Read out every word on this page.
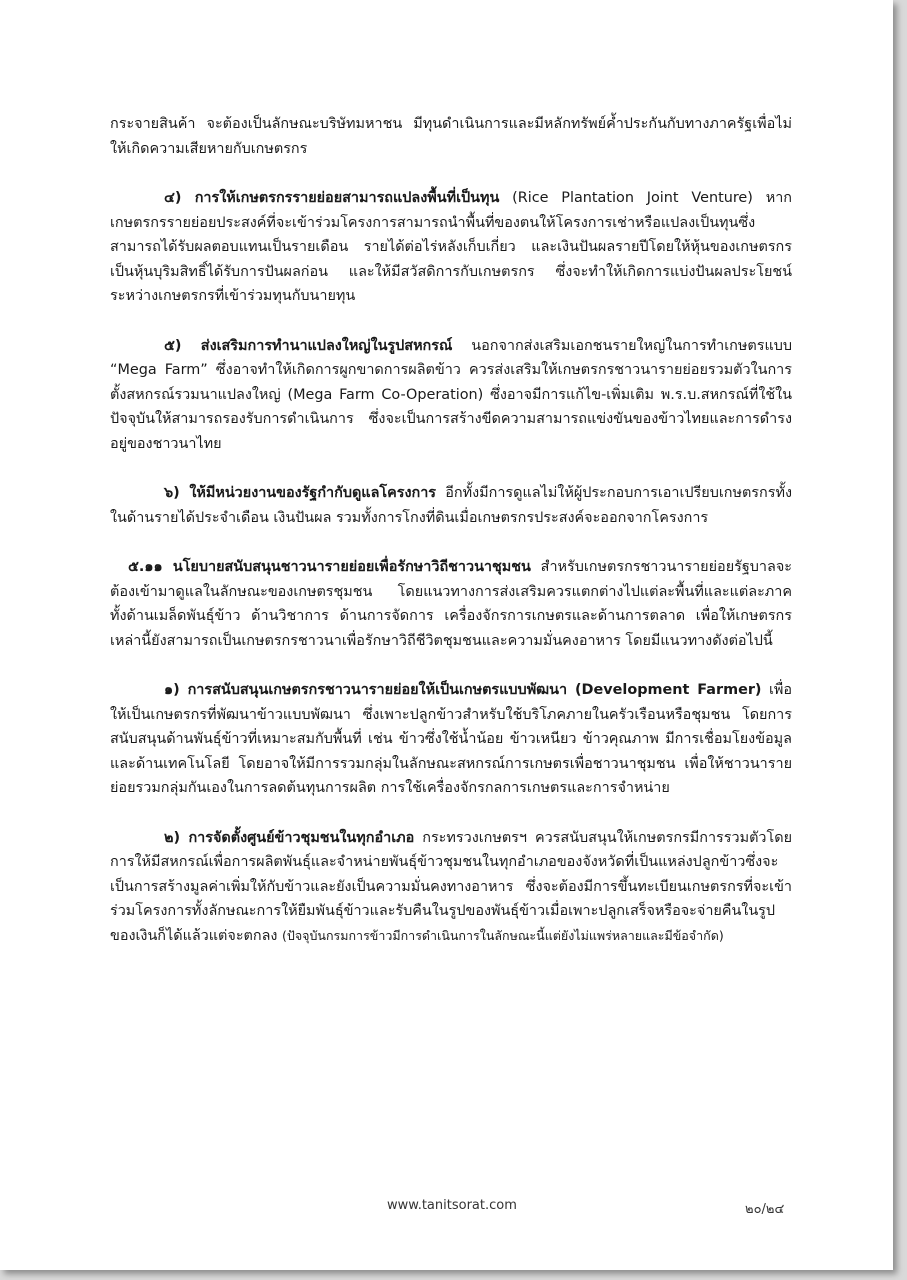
กระจายสินค้า จะต้องเป็นลักษณะบริษัทมหาชน มีทุนดำเนินการและมีหลักทรัพย์ค้ำประกันกับทางภาครัฐเพื่อไม่ให้เกิดความเสียหายกับเกษตรกร

๔) การให้เกษตรกรรายย่อยสามารถแปลงพื้นที่เป็นทุน (Rice Plantation Joint Venture) หากเกษตรกรรายย่อยประสงค์ที่จะเข้าร่วมโครงการสามารถนำพื้นที่ของตนให้โครงการเช่าหรือแปลงเป็นทุนซึ่งสามารถได้รับผลตอบแทนเป็นรายเดือน รายได้ต่อไร่หลังเก็บเกี่ยว และเงินปันผลรายปีโดยให้หุ้นของเกษตรกรเป็นหุ้นบุริมสิทธิ์ได้รับการปันผลก่อน และให้มีสวัสดิการกับเกษตรกร ซึ่งจะทำให้เกิดการแบ่งปันผลประโยชน์ระหว่างเกษตรกรที่เข้าร่วมทุนกับนายทุน

๕) ส่งเสริมการทำนาแปลงใหญ่ในรูปสหกรณ์ นอกจากส่งเสริมเอกชนรายใหญ่ในการทำเกษตรแบบ “Mega Farm” ซึ่งอาจทำให้เกิดการผูกขาดการผลิตข้าว ควรส่งเสริมให้เกษตรกรชาวนารายย่อยรวมตัวในการตั้งสหกรณ์รวมนาแปลงใหญ่ (Mega Farm Co-Operation) ซึ่งอาจมีการแก้ไข-เพิ่มเติม พ.ร.บ.สหกรณ์ที่ใช้ในปัจจุบันให้สามารถรองรับการดำเนินการ ซึ่งจะเป็นการสร้างขีดความสามารถแข่งขันของข้าวไทยและการดำรงอยู่ของชาวนาไทย

๖) ให้มีหน่วยงานของรัฐกำกับดูแลโครงการ อีกทั้งมีการดูแลไม่ให้ผู้ประกอบการเอาเปรียบเกษตรกรทั้งในด้านรายได้ประจำเดือน เงินปันผล รวมทั้งการโกงที่ดินเมื่อเกษตรกรประสงค์จะออกจากโครงการ

๕.๑๑ นโยบายสนับสนุนชาวนารายย่อยเพื่อรักษาวิถีชาวนาชุมชน สำหรับเกษตรกรชาวนารายย่อยรัฐบาลจะต้องเข้ามาดูแลในลักษณะของเกษตรชุมชน โดยแนวทางการส่งเสริมควรแตกต่างไปแต่ละพื้นที่และแต่ละภาค ทั้งด้านเมล็ดพันธุ์ข้าว ด้านวิชาการ ด้านการจัดการ เครื่องจักรการเกษตรและด้านการตลาด เพื่อให้เกษตรกรเหล่านี้ยังสามารถเป็นเกษตรกรชาวนาเพื่อรักษาวิถีชีวิตชุมชนและความมั่นคงอาหาร โดยมีแนวทางดังต่อไปนี้

๑) การสนับสนุนเกษตรกรชาวนารายย่อยให้เป็นเกษตรแบบพัฒนา (Development Farmer) เพื่อให้เป็นเกษตรกรที่พัฒนาข้าวแบบพัฒนา ซึ่งเพาะปลูกข้าวสำหรับใช้บริโภคภายในครัวเรือนหรือชุมชน โดยการสนับสนุนด้านพันธุ์ข้าวที่เหมาะสมกับพื้นที่ เช่น ข้าวซึ่งใช้น้ำน้อย ข้าวเหนียว ข้าวคุณภาพ มีการเชื่อมโยงข้อมูลและด้านเทคโนโลยี โดยอาจให้มีการรวมกลุ่มในลักษณะสหกรณ์การเกษตรเพื่อชาวนาชุมชน เพื่อให้ชาวนารายย่อยรวมกลุ่มกันเองในการลดต้นทุนการผลิต การใช้เครื่องจักรกลการเกษตรและการจำหน่าย

๒) การจัดตั้งศูนย์ข้าวชุมชนในทุกอำเภอ กระทรวงเกษตรฯ ควรสนับสนุนให้เกษตรกรมีการรวมตัวโดยการให้มีสหกรณ์เพื่อการผลิตพันธุ์และจำหน่ายพันธุ์ข้าวชุมชนในทุกอำเภอของจังหวัดที่เป็นแหล่งปลูกข้าวซึ่งจะเป็นการสร้างมูลค่าเพิ่มให้กับข้าวและยังเป็นความมั่นคงทางอาหาร ซึ่งจะต้องมีการขึ้นทะเบียนเกษตรกรที่จะเข้าร่วมโครงการทั้งลักษณะการให้ยืมพันธุ์ข้าวและรับคืนในรูปของพันธุ์ข้าวเมื่อเพาะปลูกเสร็จหรือจะจ่ายคืนในรูปของเงินก็ได้แล้วแต่จะตกลง (ปัจจุบันกรมการข้าวมีการดำเนินการในลักษณะนี้แต่ยังไม่แพร่หลายและมีข้อจำกัด)

www.tanitsorat.com	๒๐/๒๔
